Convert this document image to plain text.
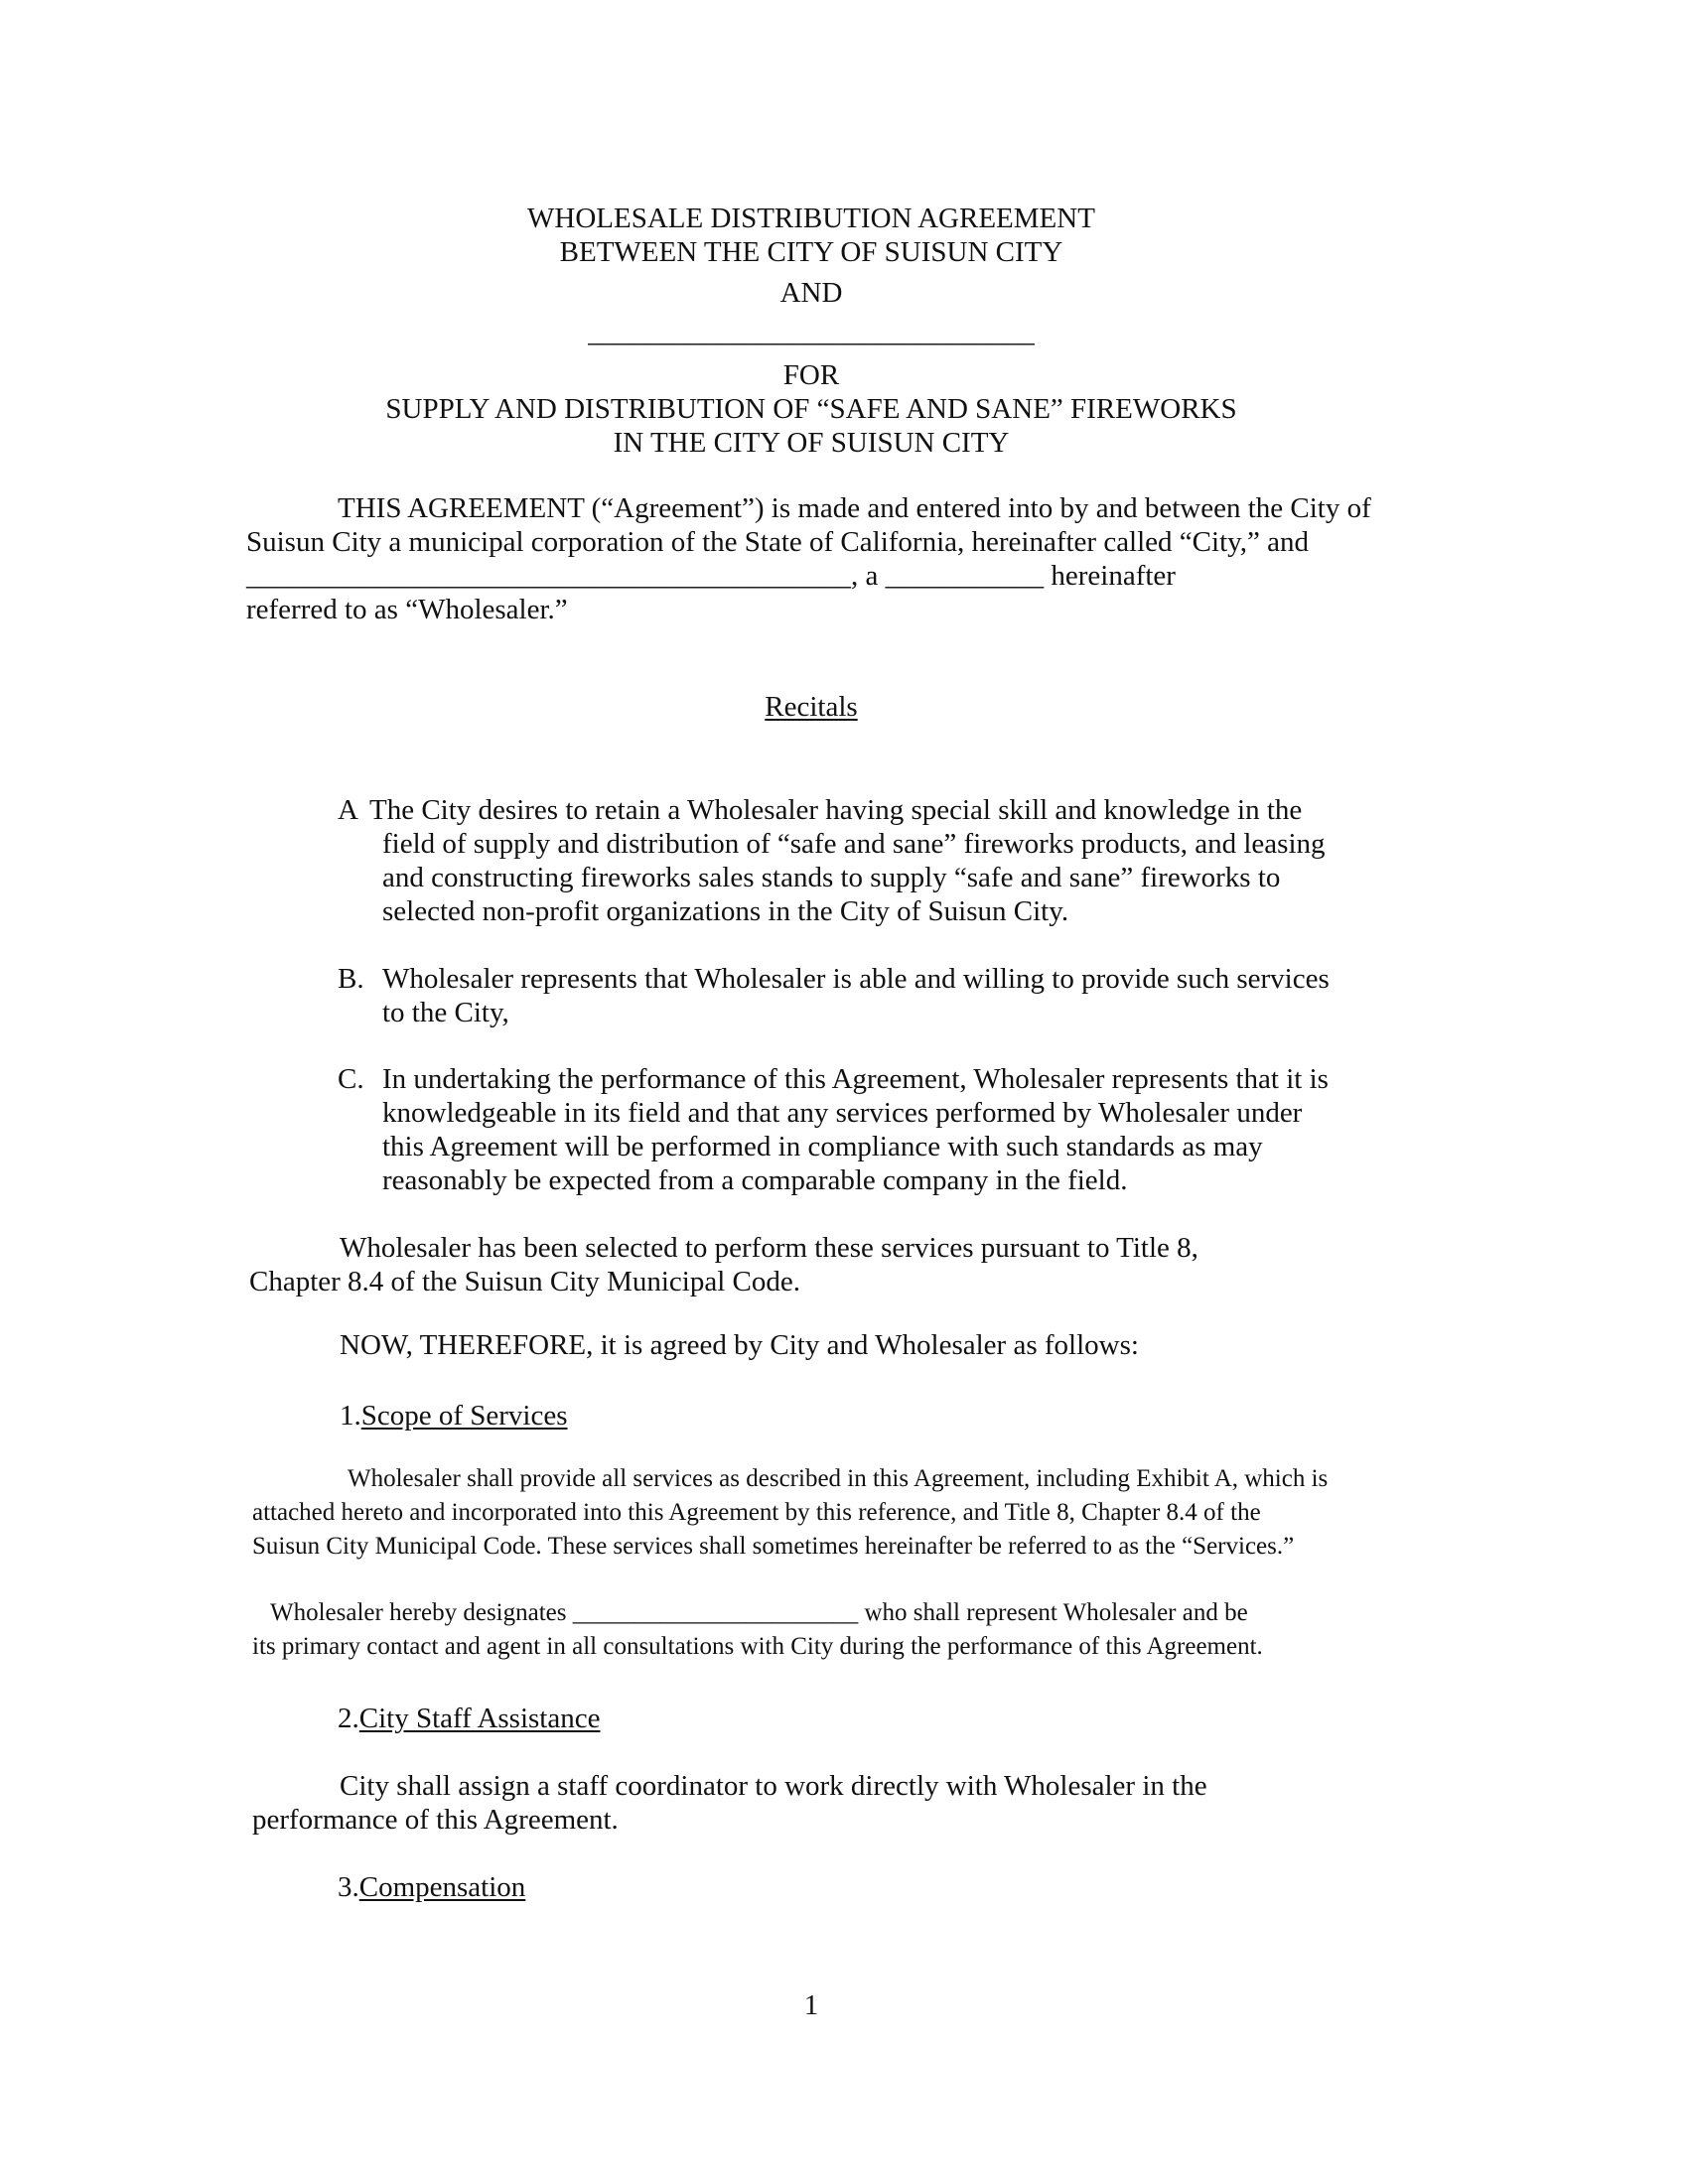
WHOLESALE DISTRIBUTION AGREEMENT
BETWEEN THE CITY OF SUISUN CITY
AND
_______________________________
FOR
SUPPLY AND DISTRIBUTION OF “SAFE AND SANE” FIREWORKS
IN THE CITY OF SUISUN CITY
THIS AGREEMENT (“Agreement”) is made and entered into by and between the City of
Suisun City a municipal corporation of the State of California, hereinafter called “City,” and
__________________________________________, a ___________ hereinafter
referred to as “Wholesaler.”
Recitals
A The City desires to retain a Wholesaler having special skill and knowledge in the
field of supply and distribution of “safe and sane” fireworks products, and leasing
and constructing fireworks sales stands to supply “safe and sane” fireworks to
selected non-profit organizations in the City of Suisun City.
B. Wholesaler represents that Wholesaler is able and willing to provide such services
to the City,
C. In undertaking the performance of this Agreement, Wholesaler represents that it is
knowledgeable in its field and that any services performed by Wholesaler under
this Agreement will be performed in compliance with such standards as may
reasonably be expected from a comparable company in the field.
Wholesaler has been selected to perform these services pursuant to Title 8,
Chapter 8.4 of the Suisun City Municipal Code.
NOW, THEREFORE, it is agreed by City and Wholesaler as follows:
1.Scope of Services
Wholesaler shall provide all services as described in this Agreement, including Exhibit A, which is
attached hereto and incorporated into this Agreement by this reference, and Title 8, Chapter 8.4 of the
Suisun City Municipal Code. These services shall sometimes hereinafter be referred to as the “Services.”
Wholesaler hereby designates _______________________ who shall represent Wholesaler and be
its primary contact and agent in all consultations with City during the performance of this Agreement.
2.City Staff Assistance
City shall assign a staff coordinator to work directly with Wholesaler in the
performance of this Agreement.
3.Compensation
1
